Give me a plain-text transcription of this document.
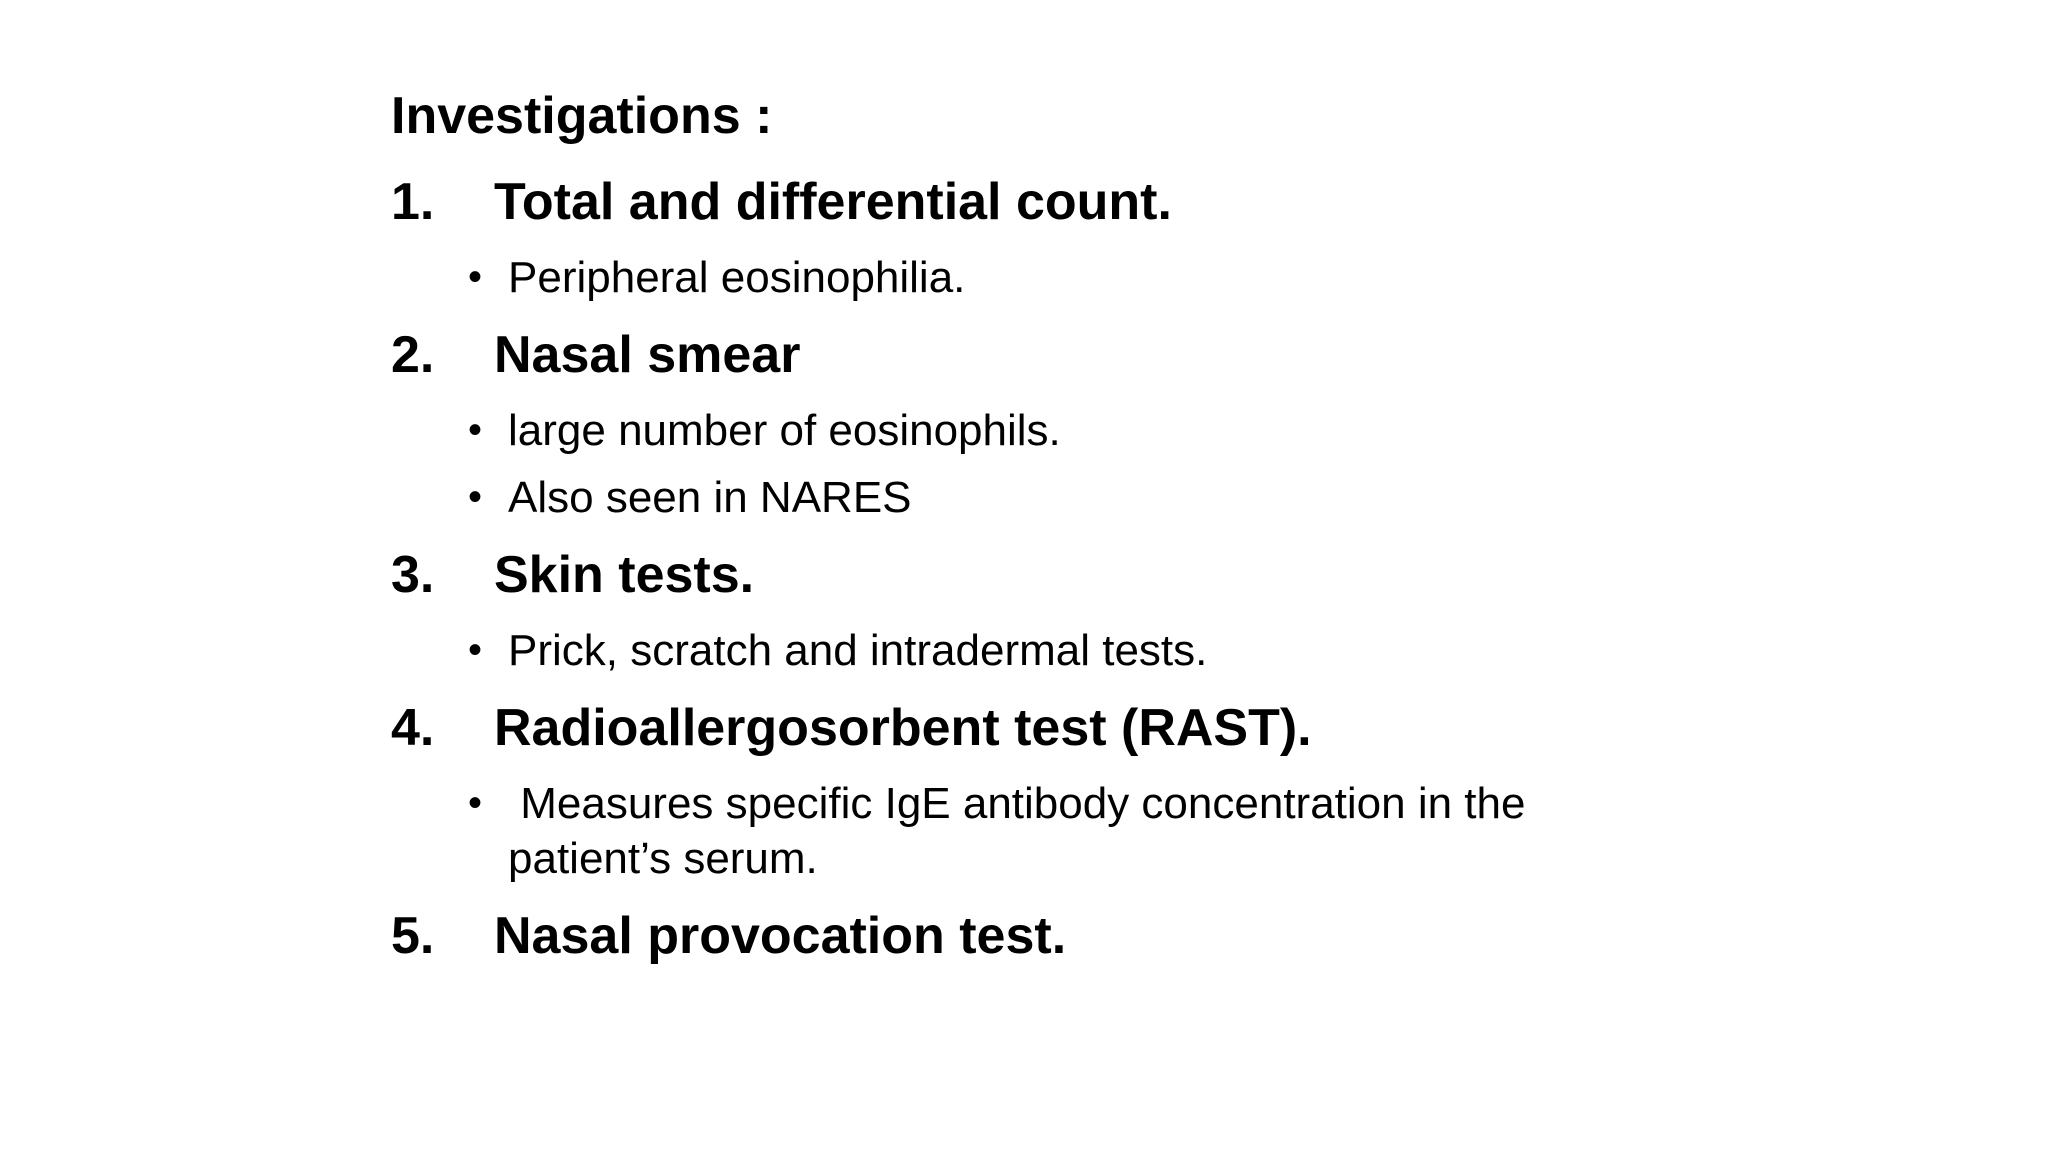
Investigations :
1.	Total and differential count.
• Peripheral eosinophilia.
2.	Nasal smear
• large number of eosinophils.
• Also seen in NARES
3.	Skin tests.
• Prick, scratch and intradermal tests.
4.	Radioallergosorbent test (RAST).
• Measures specific IgE antibody concentration in the patient’s serum.
5.	Nasal provocation test.
